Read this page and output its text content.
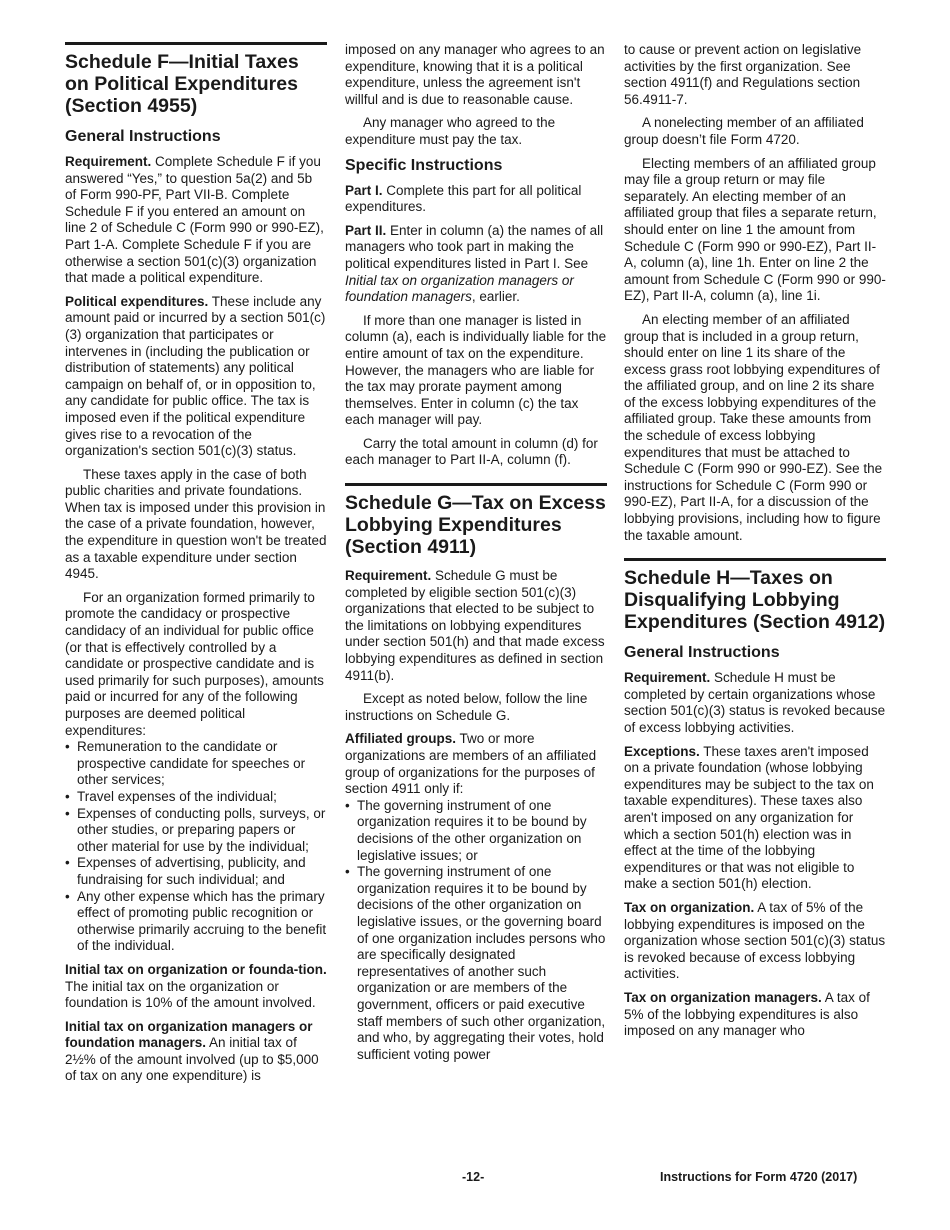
Schedule F—Initial Taxes on Political Expenditures (Section 4955)
General Instructions

Requirement. Complete Schedule F if you answered “Yes,” to question 5a(2) and 5b of Form 990-PF, Part VII-B. Complete Schedule F if you entered an amount on line 2 of Schedule C (Form 990 or 990-EZ), Part 1-A. Complete Schedule F if you are otherwise a section 501(c)(3) organization that made a political expenditure.

Political expenditures. These include any amount paid or incurred by a section 501(c)(3) organization that participates or intervenes in (including the publication or distribution of statements) any political campaign on behalf of, or in opposition to, any candidate for public office. The tax is imposed even if the political expenditure gives rise to a revocation of the organization's section 501(c)(3) status.

These taxes apply in the case of both public charities and private foundations. When tax is imposed under this provision in the case of a private foundation, however, the expenditure in question won't be treated as a taxable expenditure under section 4945.

For an organization formed primarily to promote the candidacy or prospective candidacy of an individual for public office (or that is effectively controlled by a candidate or prospective candidate and is used primarily for such purposes), amounts paid or incurred for any of the following purposes are deemed political expenditures:

• Remuneration to the candidate or prospective candidate for speeches or other services;
• Travel expenses of the individual;
• Expenses of conducting polls, surveys, or other studies, or preparing papers or other material for use by the individual;
• Expenses of advertising, publicity, and fundraising for such individual; and
• Any other expense which has the primary effect of promoting public recognition or otherwise primarily accruing to the benefit of the individual.

Initial tax on organization or founda-tion. The initial tax on the organization or foundation is 10% of the amount involved.

Initial tax on organization managers or foundation managers. An initial tax of 2½% of the amount involved (up to $5,000 of tax on any one expenditure) is

imposed on any manager who agrees to an expenditure, knowing that it is a political expenditure, unless the agreement isn't willful and is due to reasonable cause.

Any manager who agreed to the expenditure must pay the tax.

Specific Instructions

Part I. Complete this part for all political expenditures.

Part II. Enter in column (a) the names of all managers who took part in making the political expenditures listed in Part I. See Initial tax on organization managers or foundation managers, earlier.

If more than one manager is listed in column (a), each is individually liable for the entire amount of tax on the expenditure. However, the managers who are liable for the tax may prorate payment among themselves. Enter in column (c) the tax each manager will pay.

Carry the total amount in column (d) for each manager to Part II-A, column (f).

Schedule G—Tax on Excess Lobbying Expenditures (Section 4911)

Requirement. Schedule G must be completed by eligible section 501(c)(3) organizations that elected to be subject to the limitations on lobbying expenditures under section 501(h) and that made excess lobbying expenditures as defined in section 4911(b).

Except as noted below, follow the line instructions on Schedule G.

Affiliated groups. Two or more organizations are members of an affiliated group of organizations for the purposes of section 4911 only if:

• The governing instrument of one organization requires it to be bound by decisions of the other organization on legislative issues; or
• The governing instrument of one organization requires it to be bound by decisions of the other organization on legislative issues, or the governing board of one organization includes persons who are specifically designated representatives of another such organization or are members of the government, officers or paid executive staff members of such other organization, and who, by aggregating their votes, hold sufficient voting power

to cause or prevent action on legislative activities by the first organization. See section 4911(f) and Regulations section 56.4911-7.

A nonelecting member of an affiliated group doesn’t file Form 4720.

Electing members of an affiliated group may file a group return or may file separately. An electing member of an affiliated group that files a separate return, should enter on line 1 the amount from Schedule C (Form 990 or 990-EZ), Part II-A, column (a), line 1h. Enter on line 2 the amount from Schedule C (Form 990 or 990-EZ), Part II-A, column (a), line 1i.

An electing member of an affiliated group that is included in a group return, should enter on line 1 its share of the excess grass root lobbying expenditures of the affiliated group, and on line 2 its share of the excess lobbying expenditures of the affiliated group. Take these amounts from the schedule of excess lobbying expenditures that must be attached to Schedule C (Form 990 or 990-EZ). See the instructions for Schedule C (Form 990 or 990-EZ), Part II-A, for a discussion of the lobbying provisions, including how to figure the taxable amount.

Schedule H—Taxes on Disqualifying Lobbying Expenditures (Section 4912)
General Instructions

Requirement. Schedule H must be completed by certain organizations whose section 501(c)(3) status is revoked because of excess lobbying activities.

Exceptions. These taxes aren't imposed on a private foundation (whose lobbying expenditures may be subject to the tax on taxable expenditures). These taxes also aren't imposed on any organization for which a section 501(h) election was in effect at the time of the lobbying expenditures or that was not eligible to make a section 501(h) election.

Tax on organization. A tax of 5% of the lobbying expenditures is imposed on the organization whose section 501(c)(3) status is revoked because of excess lobbying activities.

Tax on organization managers. A tax of 5% of the lobbying expenditures is also imposed on any manager who

-12-	Instructions for Form 4720 (2017)
